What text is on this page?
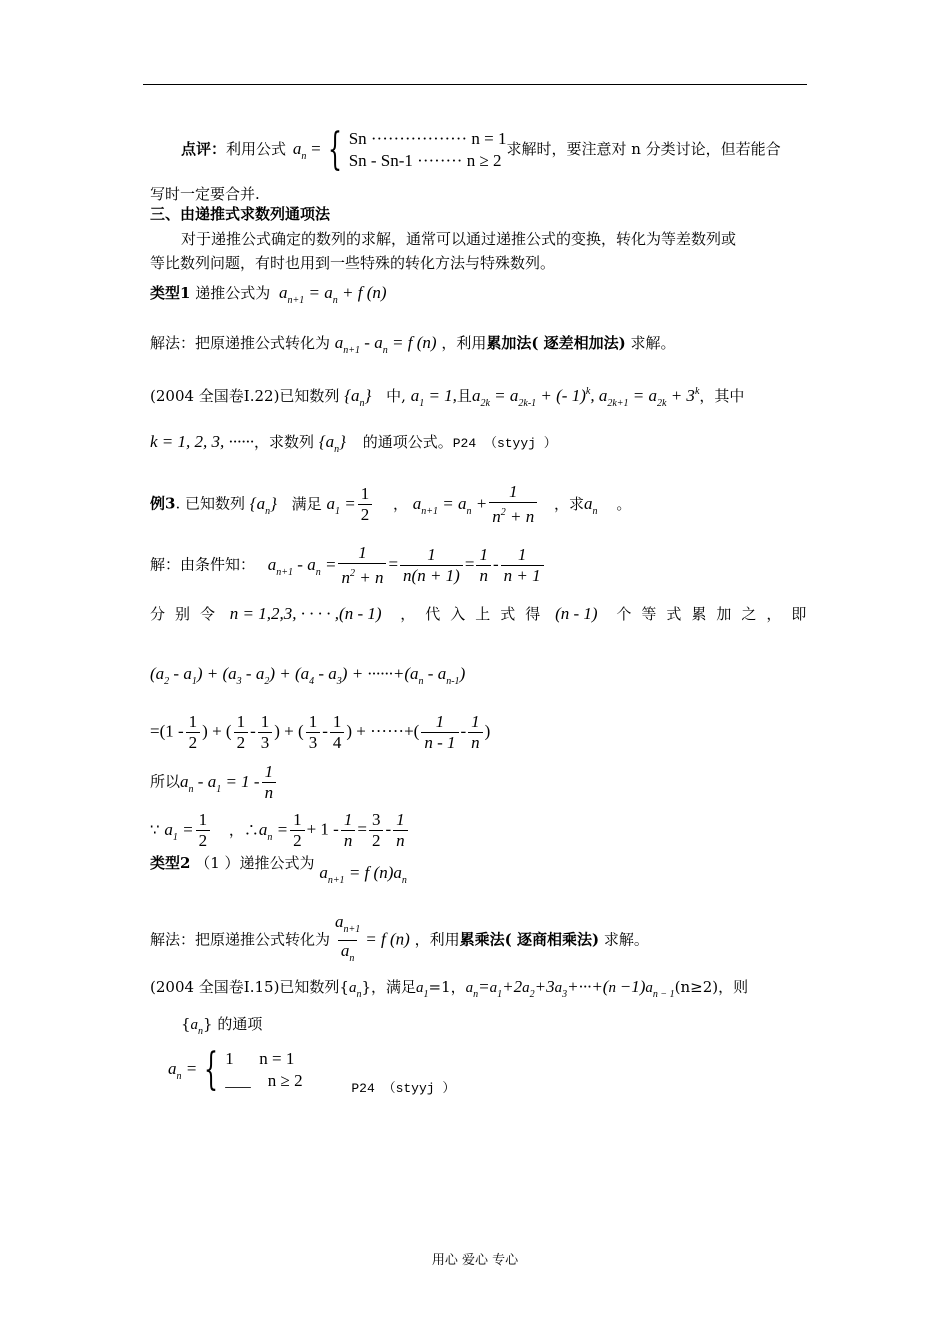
点评：利用公式 $a_n$ = { Sn ················· n = 1
Sn - Sn-1 ········ n ≥ 2
求解时，要注意对 n 分类讨论，但若能合
写时一定要合并.
三、由递推式求数列通项法
对于递推公式确定的数列的求解，通常可以通过递推公式的变换，转化为等差数列或
等比数列问题，有时也用到一些特殊的转化方法与特殊数列。
类型1 递推公式为 $a_{n+1} = a_n + f$ (n)
解法：把原递推公式转化为 $a_{n+1} - a_n = f$ (n) ，利用累加法( 逐差相加法) 求解。
(2004 全国卷I.22)已知数列 $\{a_n\}$ 中, $a_1 = 1$,且$a_{2k} = a_{2k-1}$ + (- 1)$^k$, $a_{2k+1} = a_{2k} + 3^k$，其中
k = 1, 2, 3, ······，求数列 $\{a_n\}$ 的通项公式。P24 （styyj ）
例3. 已知数列 $\{a_n\}$ 满足 $a_1 = \frac{1}{2}$ ， $a_{n+1} = a_n + \frac{1}{n^2 + n}$ ，求$a_n$ 。
解：由条件知： $a_{n+1} - a_n = \frac{1}{n^2 + n} = \frac{1}{n(n + 1)} = \frac{1}{n} - \frac{1}{n + 1}$
分别令 n = 1,2,3, · · · · ,(n - 1) ，代入上式得 (n - 1) 个等式累加之，即
$(a_2 - a_1) + (a_3 - a_2) + (a_4 - a_3) + \cdot\cdot\cdot\cdot\cdot\cdot+(a_n - a_{n-1})$
$=(1 - \frac{1}{2}$ ) + ( $\frac{1}{2} - \frac{1}{3}$ ) + ( $\frac{1}{3} - \frac{1}{4}$ ) + ······+( $\frac{1}{n - 1} - \frac{1}{n}$ )
所以$a_n - a_1 = 1 - \frac{1}{n}$
∵ $a_1 = \frac{1}{2}$ ，$\therefore a_n = \frac{1}{2} + 1 - \frac{1}{n} = \frac{3}{2} - \frac{1}{n}$
类型2 （1 ）递推公式为 $a_{n+1} = f$ $(n)a_n$
解法：把原递推公式转化为 $\frac{a_{n+1}}{a_n} = f$ (n) ，利用累乘法( 逐商相乘法) 求解。
(2004 全国卷I.15)已知数列$\{a_n\}$，满足$a_1=1$，$a_n=a_1+2a_2+3a_3+\cdot\cdot\cdot+(n -1)a_{n - 1}(n\ge 2)$，则
$\{a_n\}$ 的通项
$a_n$ = { 1      n = 1
___    n ≥ 2	P24 （styyj ）
用心 爱心 专心
